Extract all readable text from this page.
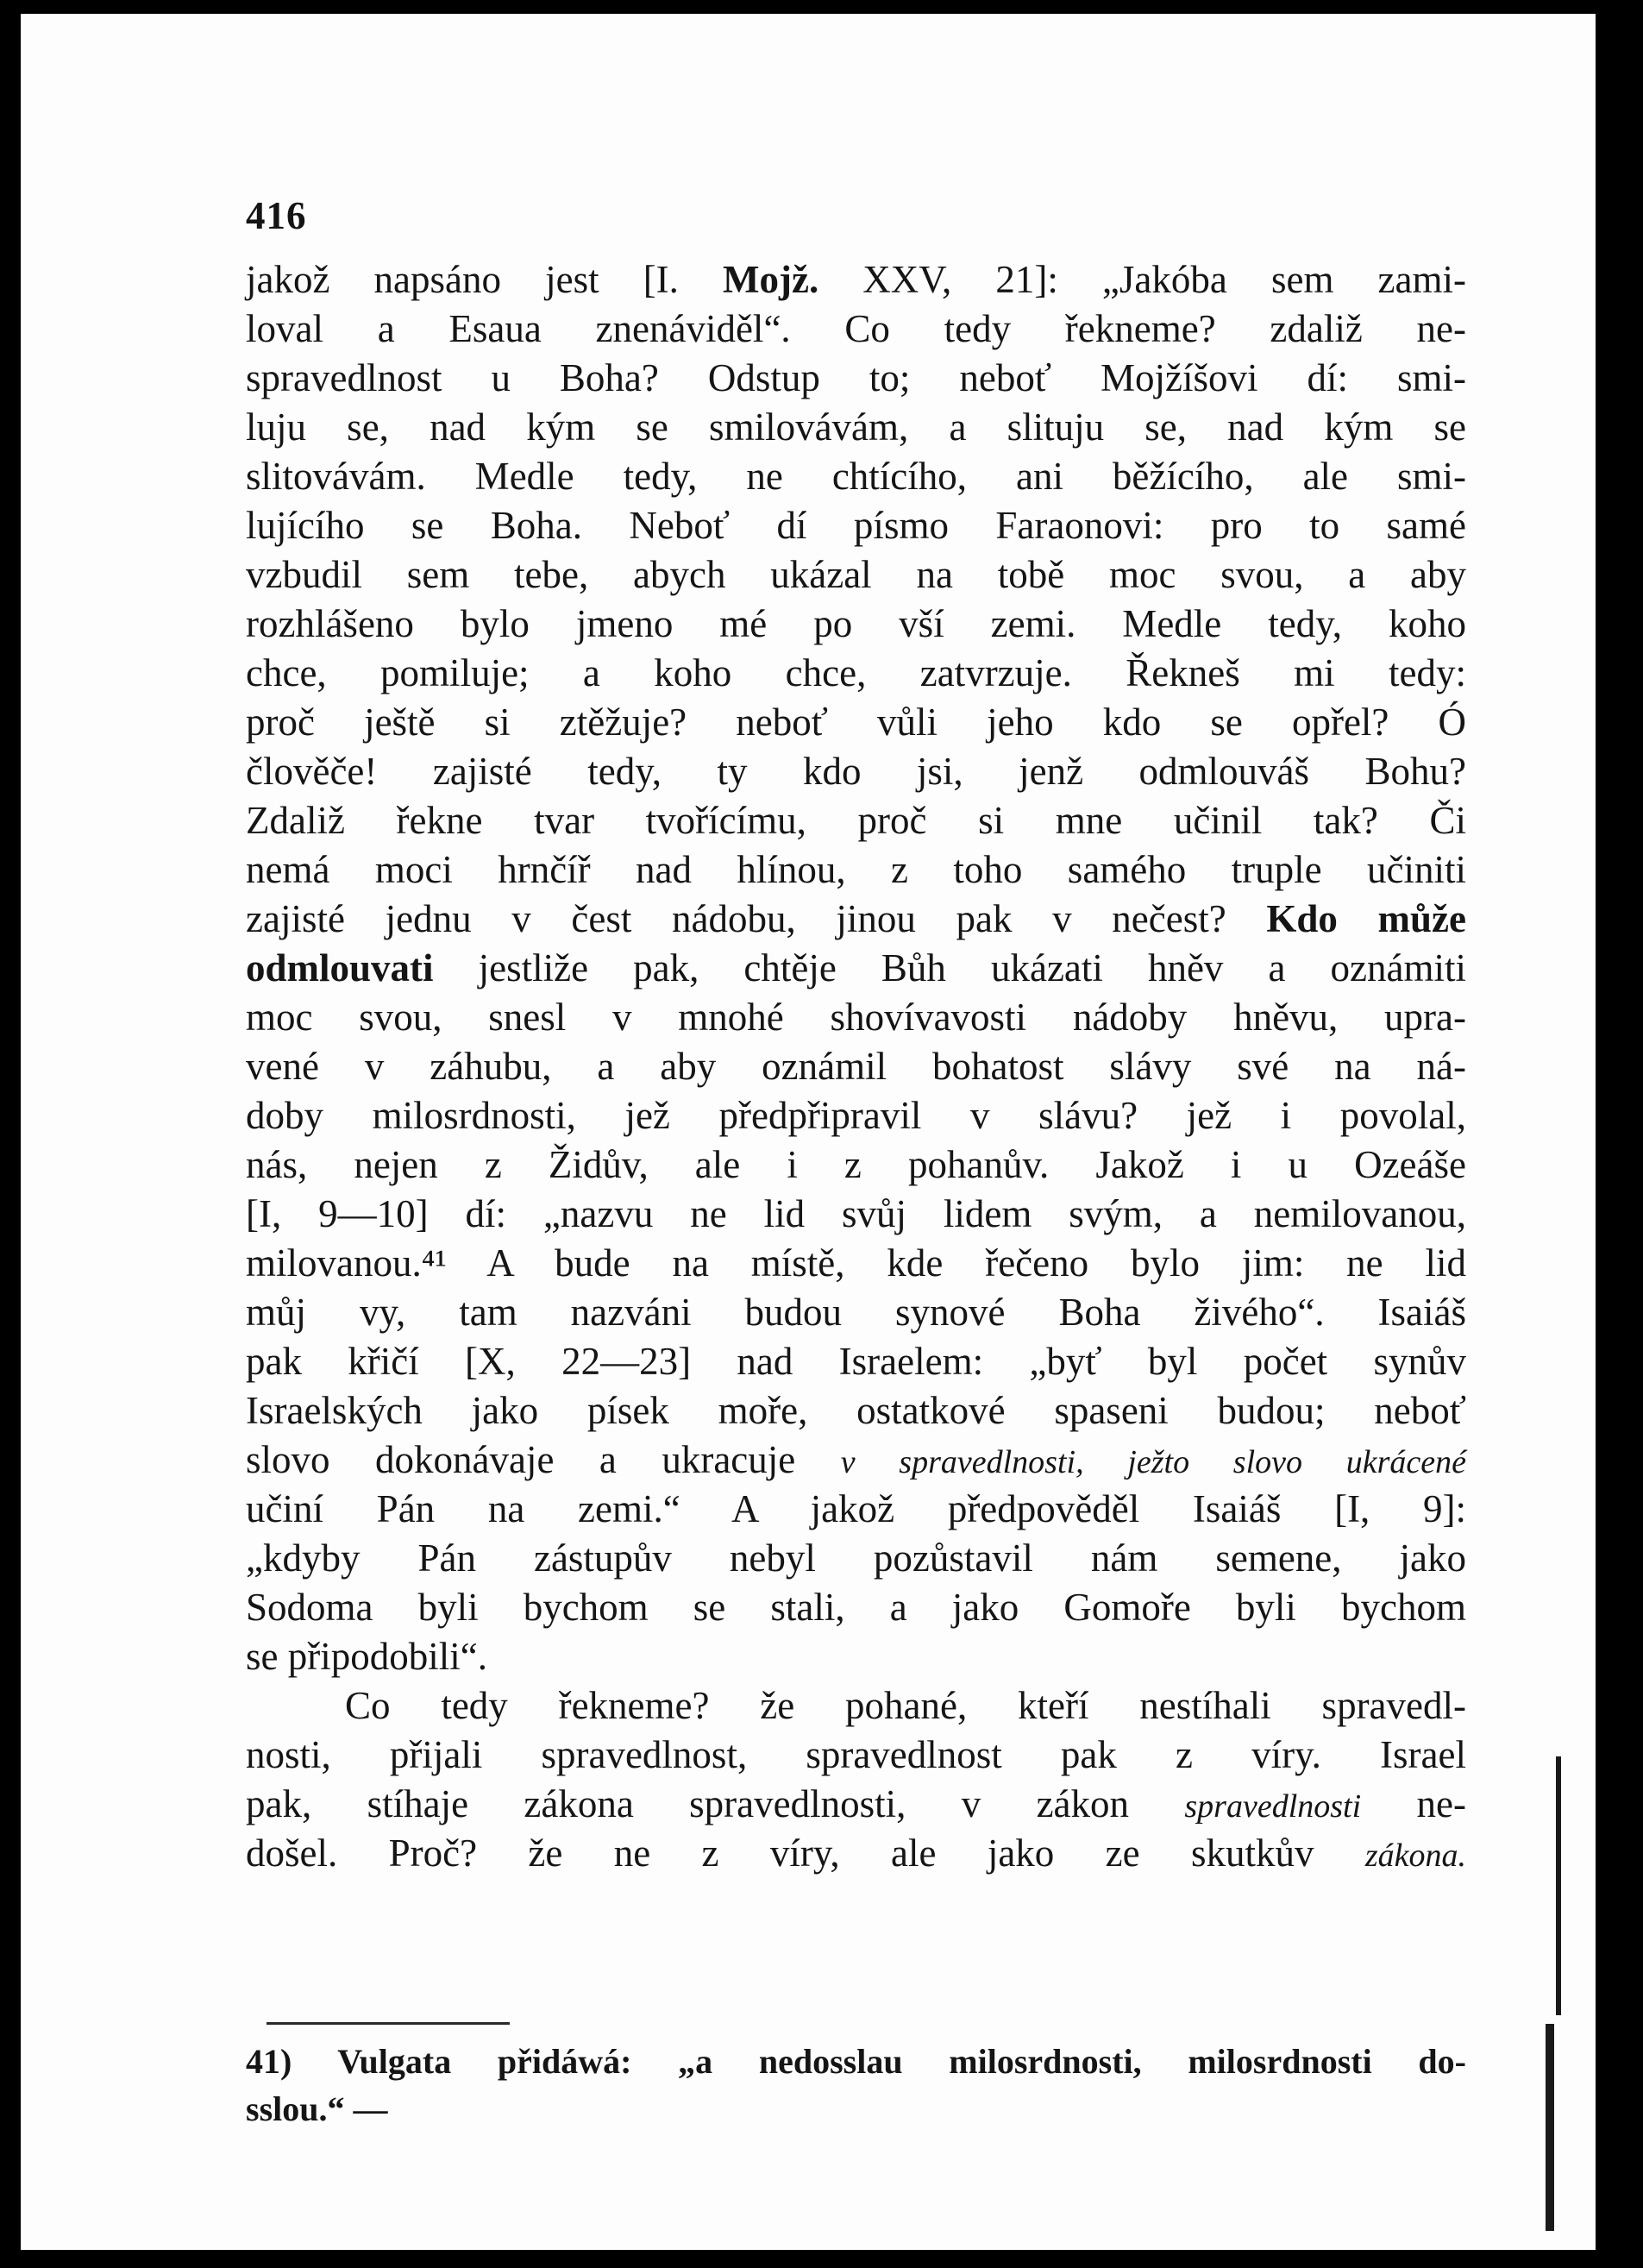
416
jakož napsáno jest [I. Mojž. XXV, 21]: „Jakóba sem zami-
loval a Esaua znenáviděl“. Co tedy řekneme? zdaliž ne-
spravedlnost u Boha? Odstup to; neboť Mojžíšovi dí: smi-
luju se, nad kým se smilovávám, a slituju se, nad kým se
slitovávám. Medle tedy, ne chtícího, ani běžícího, ale smi-
lujícího se Boha. Neboť dí písmo Faraonovi: pro to samé
vzbudil sem tebe, abych ukázal na tobě moc svou, a aby
rozhlášeno bylo jmeno mé po vší zemi. Medle tedy, koho
chce, pomiluje; a koho chce, zatvrzuje. Řekneš mi tedy:
proč ještě si ztěžuje? neboť vůli jeho kdo se opřel? Ó
člověče! zajisté tedy, ty kdo jsi, jenž odmlouváš Bohu?
Zdaliž řekne tvar tvořícímu, proč si mne učinil tak? Či
nemá moci hrnčíř nad hlínou, z toho samého truple učiniti
zajisté jednu v čest nádobu, jinou pak v nečest? Kdo může
odmlouvati jestliže pak, chtěje Bůh ukázati hněv a oznámiti
moc svou, snesl v mnohé shovívavosti nádoby hněvu, upra-
vené v záhubu, a aby oznámil bohatost slávy své na ná-
doby milosrdnosti, jež předpřipravil v slávu? jež i povolal,
nás, nejen z Židův, ale i z pohanův. Jakož i u Ozeáše
[I, 9—10] dí: „nazvu ne lid svůj lidem svým, a nemilovanou,
milovanou.⁴¹ A bude na místě, kde řečeno bylo jim: ne lid
můj vy, tam nazváni budou synové Boha živého“. Isaiáš
pak křičí [X, 22—23] nad Israelem: „byť byl počet synův
Israelských jako písek moře, ostatkové spaseni budou; neboť
slovo dokonávaje a ukracuje v spravedlnosti, ježto slovo ukrácené
učiní Pán na zemi.“ A jakož předpověděl Isaiáš [I, 9]:
„kdyby Pán zástupův nebyl pozůstavil nám semene, jako
Sodoma byli bychom se stali, a jako Gomoře byli bychom
se připodobili“.
Co tedy řekneme? že pohané, kteří nestíhali spravedl-
nosti, přijali spravedlnost, spravedlnost pak z víry. Israel
pak, stíhaje zákona spravedlnosti, v zákon spravedlnosti ne-
došel. Proč? že ne z víry, ale jako ze skutkův zákona.
41) Vulgata přidáwá: „a nedosslau milosrdnosti, milosrdnosti do-
sslou.“ —
